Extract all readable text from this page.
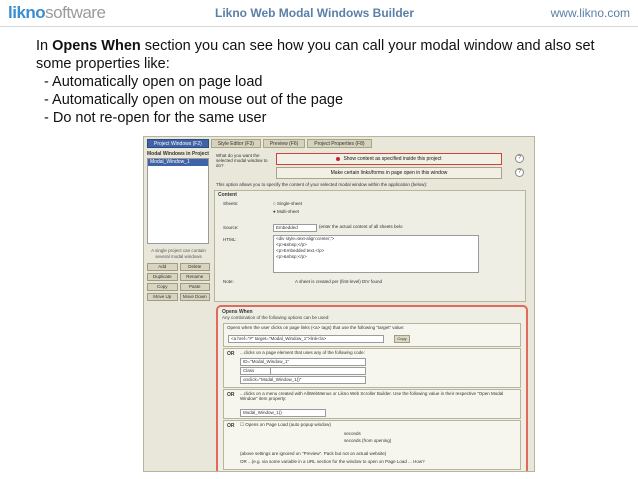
liknosoftware	Likno Web Modal Windows Builder	www.likno.com

In Opens When section you can see how you can call your modal window and also set some properties like:

- Automatically open on page load

- Automatically open on mouse out of the page

- Do not re-open for the same user

Project Windows (F2)	Style Editor (F3)	Preview (F6)	Project Properties (F8)
Modal Windows in Project
Modal_Window_1
A single project can contain several modal windows
Add	Delete
Duplicate	Rename
Copy	Paste
Move Up	Move Down
What do you want the selected modal window to do?
Show content as specified inside this project	?
Make certain links/forms in page open in this window	?
This option allows you to specify the content of your selected modal window within the application (below):
Content
Sheets:	○ Single-sheet
● Multi-sheet
Source:	Embedded	(enter the actual content of all sheets belo
HTML:	<div style=text-align:center;'>
<p>&nbsp;</p>
<p>Embedded text.</p>
<p>&nbsp;</p>
Note:	A sheet is created per (first-level) DIV found
Opens When
Any combination of the following options can be used:
Opens when the user clicks on page links (<a> tags) that use the following "target" value:
<a href="#" target="Modal_Window_1">link</a>	Copy
OR	...clicks on a page element that uses any of the following code:
ID="Modal_Window_1"
Class
onclick="Modal_Window_1()"
OR	...clicks on a menu created with AllWebMenus or Likno Web Scroller Builder. Use the following value in their respective "Open Modal Window" item property:
Modal_Window_1()
OR	☐ Opens on Page Load (auto popup window)
seconds
seconds (from opening)
(above settings are ignored on "Preview". Pack but not on actual website)
OR ...(e.g. via some variable in a URL section for the window to open on Page Load ... How?
